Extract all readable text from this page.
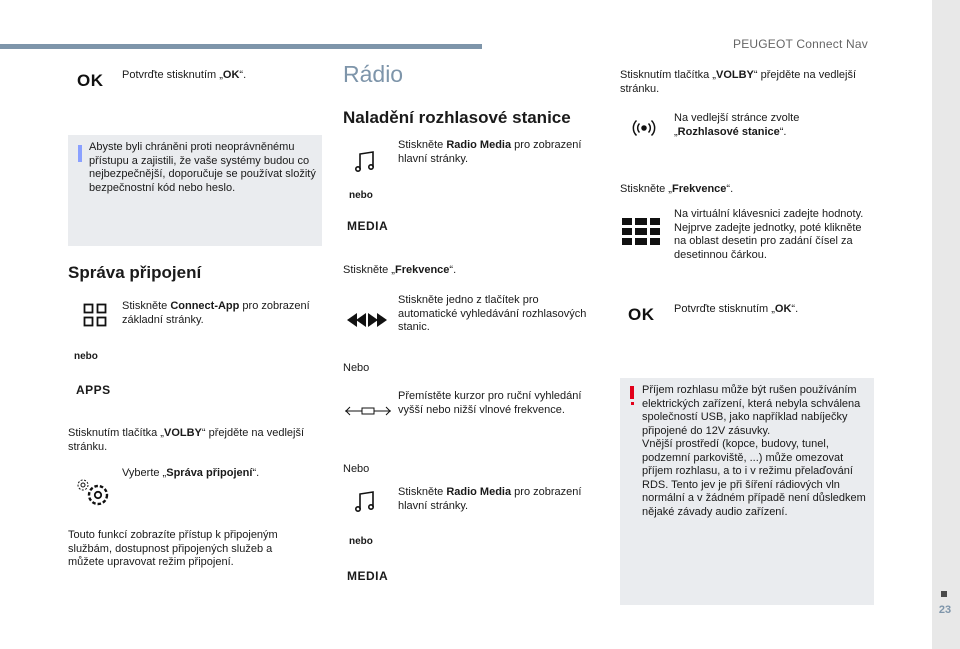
PEUGEOT Connect Nav
23
OK Potvrďte stisknutím „OK“.
Abyste byli chráněni proti neoprávněnému přístupu a zajistili, že vaše systémy budou co nejbezpečnější, doporučuje se používat složitý bezpečnostní kód nebo heslo.
Správa připojení
Stiskněte Connect-App pro zobrazení základní stránky.
nebo
APPS
Stisknutím tlačítka „VOLBY“ přejděte na vedlejší stránku.
Vyberte „Správa připojení“.
Touto funkcí zobrazíte přístup k připojeným službám, dostupnost připojených služeb a můžete upravovat režim připojení.
Rádio
Naladění rozhlasové stanice
Stiskněte Radio Media pro zobrazení hlavní stránky.
nebo
MEDIA
Stiskněte „Frekvence“.
Stiskněte jedno z tlačítek pro automatické vyhledávání rozhlasových stanic.
Nebo
Přemístěte kurzor pro ruční vyhledání vyšší nebo nižší vlnové frekvence.
Nebo
Stiskněte Radio Media pro zobrazení hlavní stránky.
nebo
MEDIA
Stisknutím tlačítka „VOLBY“ přejděte na vedlejší stránku.
Na vedlejší stránce zvolte „Rozhlasové stanice“.
Stiskněte „Frekvence“.
Na virtuální klávesnici zadejte hodnoty.
Nejprve zadejte jednotky, poté klikněte na oblast desetin pro zadání čísel za desetinnou čárkou.
OK Potvrďte stisknutím „OK“.
Příjem rozhlasu může být rušen používáním elektrických zařízení, která nebyla schválena společností USB, jako například nabíječky připojené do 12V zásuvky.
Vnější prostředí (kopce, budovy, tunel, podzemní parkoviště, ...) může omezovat příjem rozhlasu, a to i v režimu přelaďování RDS. Tento jev je při šíření rádiových vln normální a v žádném případě není důsledkem nějaké závady audio zařízení.
